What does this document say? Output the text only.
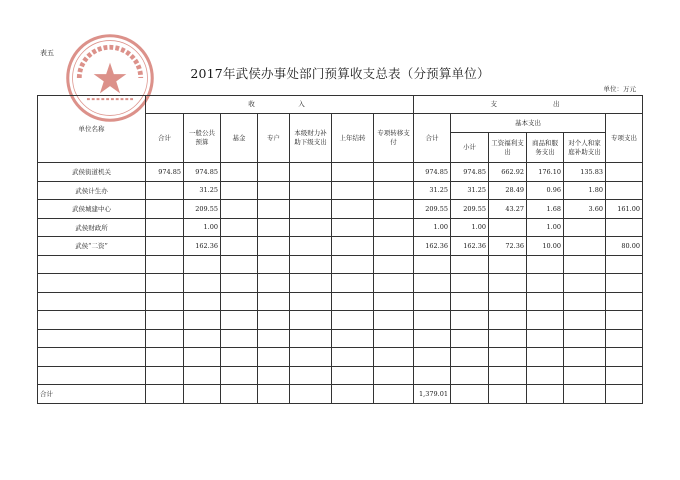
表五
2017年武侯办事处部门预算收支总表（分预算单位）
单位：万元
单位名称	收　　　入							支　　　　出					
	合计	一般公共预算	基金	专户	本级财力补助下级支出	上年结转	专项转移支付	合计	基本支出				专项支出
									小计	工资福利支出	商品和服务支出	对个人和家庭补助支出	
武侯街道机关	974.85	974.85						974.85	974.85	662.92	176.10	135.83	
武侯计生办		31.25						31.25	31.25	28.49	0.96	1.80	
武侯城建中心		209.55						209.55	209.55	43.27	1.68	3.60	161.00
武侯财政所		1.00						1.00	1.00		1.00		
武侯“二资”		162.36						162.36	162.36	72.36	10.00		80.00

合计								1,379.01					
